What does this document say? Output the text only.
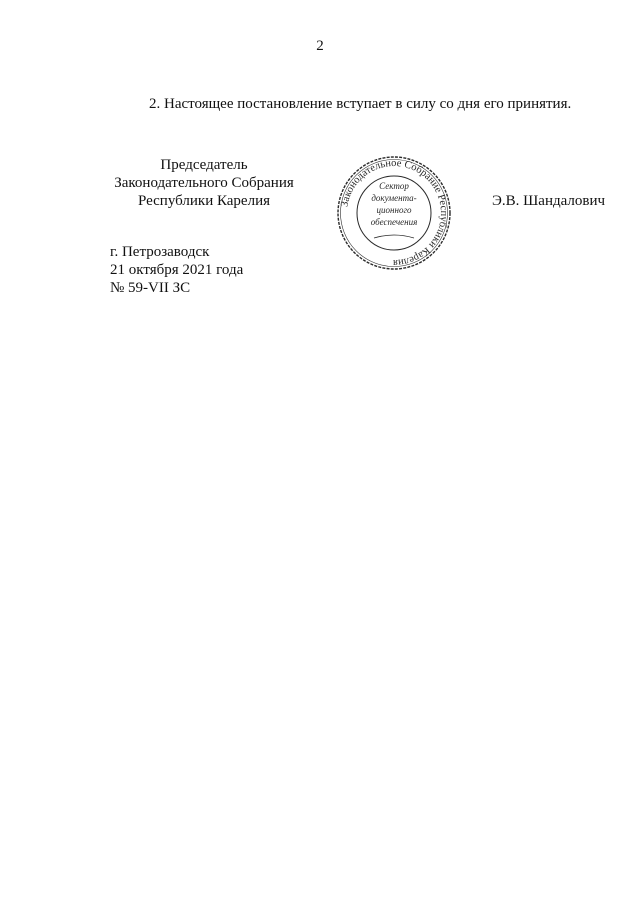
2
2. Настоящее постановление вступает в силу со дня его принятия.
Председатель
Законодательного Собрания
Республики Карелия	Законодательное Собрание Республики Карелия
Сектор
документа-
ционного
обеспечения
Э.В. Шандалович
г. Петрозаводск
21 октября 2021 года
№ 59-VII ЗС
